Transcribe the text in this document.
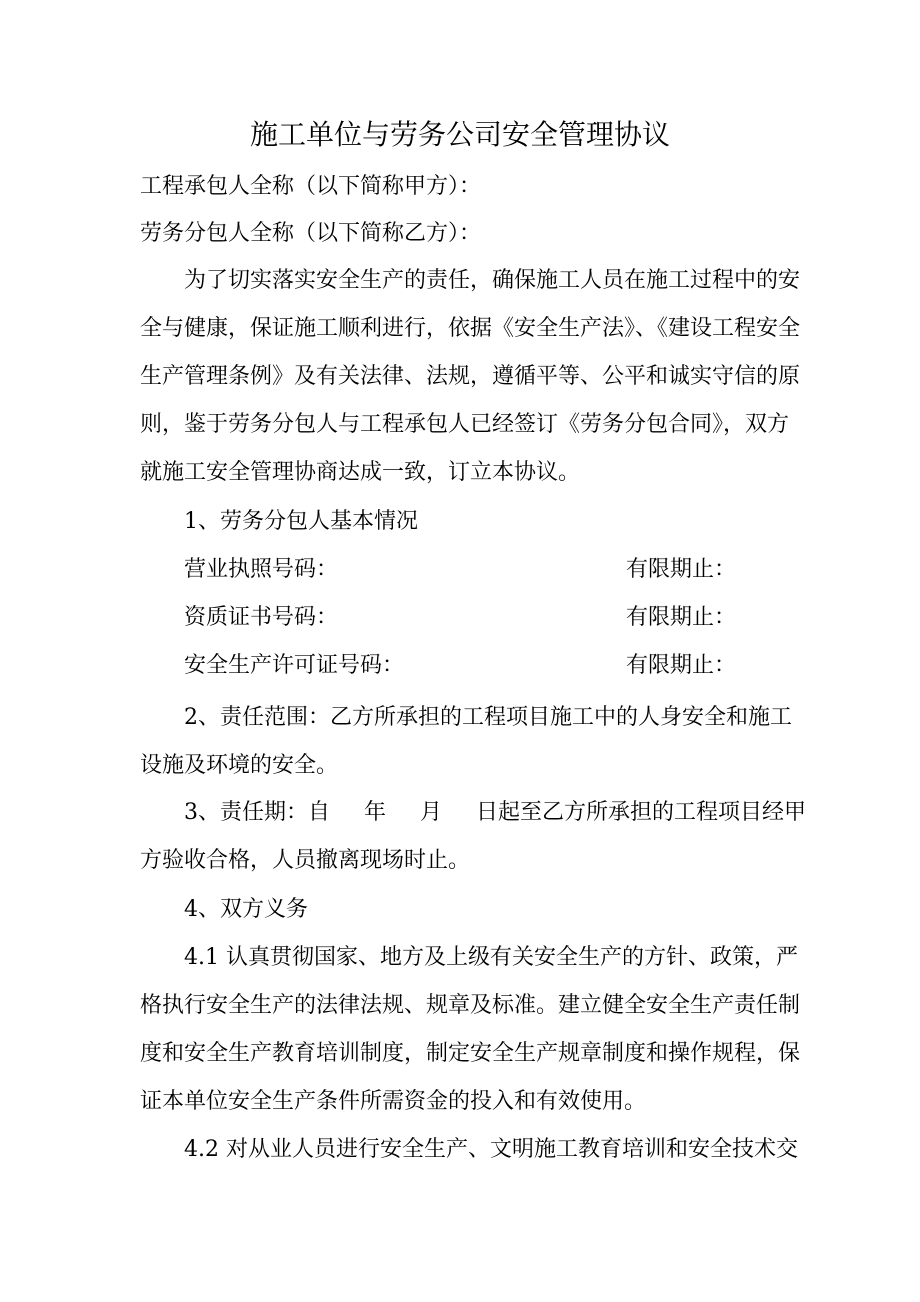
施工单位与劳务公司安全管理协议
工程承包人全称（以下简称甲方）：
劳务分包人全称（以下简称乙方）：
为了切实落实安全生产的责任，确保施工人员在施工过程中的安
全与健康，保证施工顺利进行，依据《安全生产法》、《建设工程安全
生产管理条例》及有关法律、法规，遵循平等、公平和诚实守信的原
则，鉴于劳务分包人与工程承包人已经签订《劳务分包合同》，双方
就施工安全管理协商达成一致，订立本协议。
1、劳务分包人基本情况
营业执照号码：	有限期止：
资质证书号码：	有限期止：
安全生产许可证号码：	有限期止：
2、责任范围：乙方所承担的工程项目施工中的人身安全和施工
设施及环境的安全。
3、责任期：自 年 月 日起至乙方所承担的工程项目经甲
方验收合格，人员撤离现场时止。
4、双方义务
4.1 认真贯彻国家、地方及上级有关安全生产的方针、政策，严
格执行安全生产的法律法规、规章及标准。建立健全安全生产责任制
度和安全生产教育培训制度，制定安全生产规章制度和操作规程，保
证本单位安全生产条件所需资金的投入和有效使用。
4.2 对从业人员进行安全生产、文明施工教育培训和安全技术交
